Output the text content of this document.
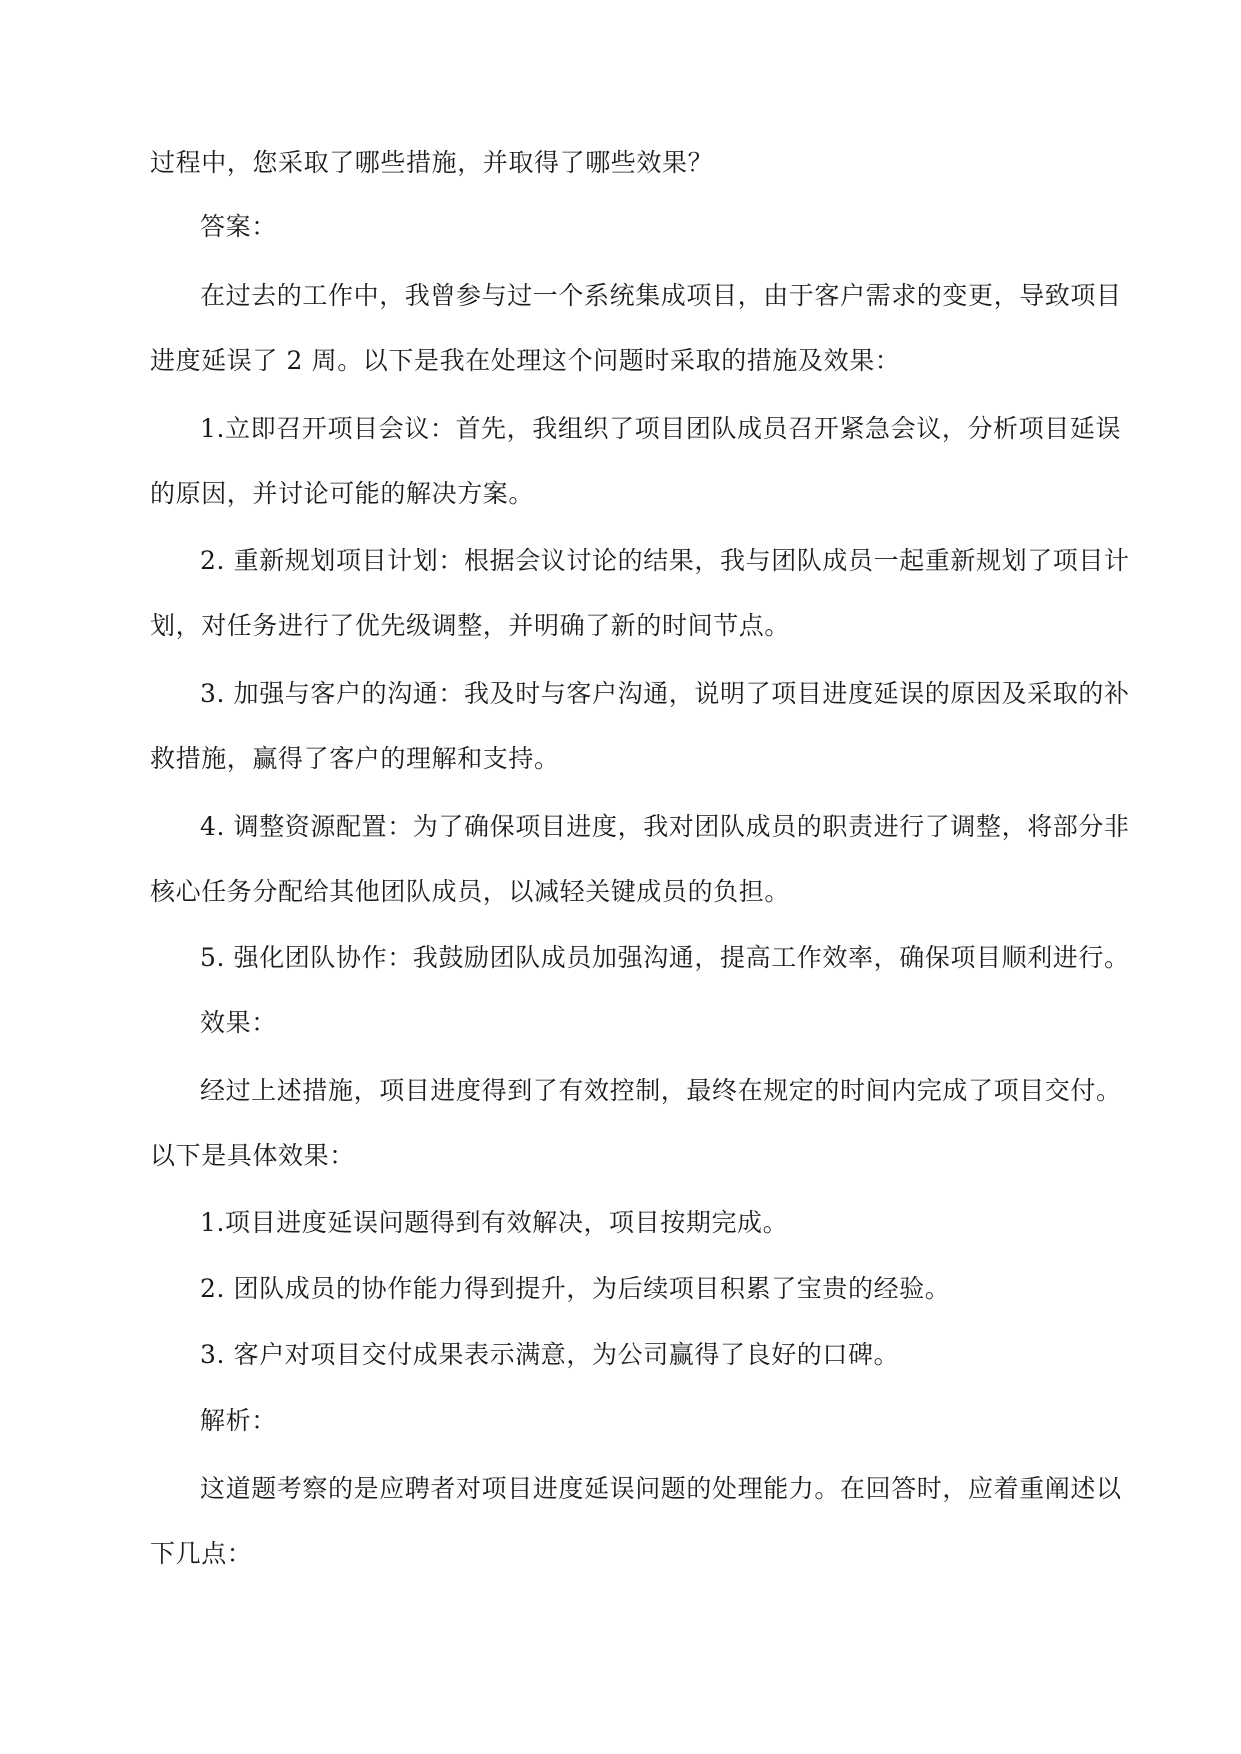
过程中，您采取了哪些措施，并取得了哪些效果？

答案：

在过去的工作中，我曾参与过一个系统集成项目，由于客户需求的变更，导致项目

进度延误了 2 周。以下是我在处理这个问题时采取的措施及效果：

1.立即召开项目会议：首先，我组织了项目团队成员召开紧急会议，分析项目延误

的原因，并讨论可能的解决方案。

2. 重新规划项目计划：根据会议讨论的结果，我与团队成员一起重新规划了项目计

划，对任务进行了优先级调整，并明确了新的时间节点。

3. 加强与客户的沟通：我及时与客户沟通，说明了项目进度延误的原因及采取的补

救措施，赢得了客户的理解和支持。

4. 调整资源配置：为了确保项目进度，我对团队成员的职责进行了调整，将部分非

核心任务分配给其他团队成员，以减轻关键成员的负担。

5. 强化团队协作：我鼓励团队成员加强沟通，提高工作效率，确保项目顺利进行。

效果：

经过上述措施，项目进度得到了有效控制，最终在规定的时间内完成了项目交付。

以下是具体效果：

1.项目进度延误问题得到有效解决，项目按期完成。

2. 团队成员的协作能力得到提升，为后续项目积累了宝贵的经验。

3. 客户对项目交付成果表示满意，为公司赢得了良好的口碑。

解析：

这道题考察的是应聘者对项目进度延误问题的处理能力。在回答时，应着重阐述以

下几点：
